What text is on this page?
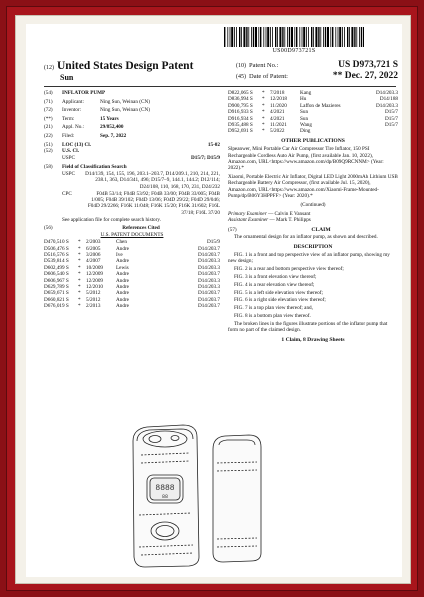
US00D973721S
(12) United States Design Patent
Sun
(10) Patent No.:	US D973,721 S
(45) Date of Patent:	** Dec. 27, 2022
(54)	INFLATOR PUMP
(71)	Applicant:	Ning Sun, Weinan (CN)
(72)	Inventor:	Ning Sun, Weinan (CN)
(**)	Term:	15 Years
(21)	Appl. No.:	29/852,400
(22)	Filed:	Sep. 7, 2022
(51)	LOC (13) Cl.	15-02
(52)	U.S. Cl.
USPC	D15/7; D15/9
(58)	Field of Classification Search
USPC	D14/139, 154, 155, 196, 203.1–203.7, D14/209.1, 210, 214, 221, 238.1, 363, D14/341, 496; D15/7–9, 144.1, 144.2; D12/114; D24/108, 110, 168, 170, 231, D24/232
CPC	F04B 53/14; F04B 53/92; F04B 33/00; F04B 33/005; F04B 1/005; F04B 39/102; F04D 13/06; F04D 29/22; F04D 29/046; F04D 29/2266; F16K 11/048; F16K 15/20; F16K 31/602; F16L 37/18; F16L 37/20
See application file for complete search history.
(56)	References Cited
U.S. PATENT DOCUMENTS
D470,510 S	*	2/2003	Chen	D15/9
D506,476 S	*	6/2005	Andre	D14/203.7
D516,576 S	*	3/2006	Ive	D14/203.7
D539,814 S	*	4/2007	Andre	D14/203.3
D602,499 S	*	10/2009	Lewis	D14/203.3
D606,540 S	*	12/2009	Andre	D14/203.7
D606,967 S	*	12/2009	Andre	D14/203.3
D629,789 S	*	12/2010	Andre	D14/203.3
D659,671 S	*	5/2012	Andre	D14/203.7
D660,821 S	*	5/2012	Andre	D14/203.7
D676,019 S	*	2/2013	Andre	D14/203.7
D822,065 S	*	7/2018	Kang	D14/203.3
D836,994 S	*	12/2018	Hu	D14/188
D900,795 S	*	11/2020	Laffon de Mazieres	D14/203.3
D916,933 S	*	4/2021	Sun	D15/7
D916,934 S	*	4/2021	Sun	D15/7
D935,488 S	*	11/2021	Wang	D15/7
D952,691 S	*	5/2022	Ding
OTHER PUBLICATIONS
Slpeanwer, Mini Portable Car Air Compressor Tire Inflator, 150 PSI Rechargeable Cordless Auto Air Pump, (first available Jan. 10, 2022), Amazon.com, URL<https://www.amazon.com/dp/B09Q9RCNNM> (Year: 2022).*
Xiaomi, Portable Electric Air Inflator, Digital LED Light 2000mAh Lithium USB Rechargeable Battery Air Compressor, (first available Jul. 15, 2020), Amazon.com, URL<https://www.amazon.com/Xiaomi-Frame-Mounted-Pump/dp/B06Y3HPPFF> (Year: 2020).*
(Continued)
Primary Examiner — Calvin E Vansant
Assistant Examiner — Mark T. Philipps
(57)	CLAIM
The ornamental design for an inflator pump, as shown and described.
DESCRIPTION

FIG. 1 is a front and top perspective view of an inflator pump, showing my new design;

FIG. 2 is a rear and bottom perspective view thereof;

FIG. 3 is a front elevation view thereof;

FIG. 4 is a rear elevation view thereof;

FIG. 5 is a left side elevation view thereof;

FIG. 6 is a right side elevation view thereof;

FIG. 7 is a top plan view thereof; and,

FIG. 8 is a bottom plan view thereof.

The broken lines in the figures illustrate portions of the inflator pump that form no part of the claimed design.

1 Claim, 8 Drawing Sheets
8888
88
